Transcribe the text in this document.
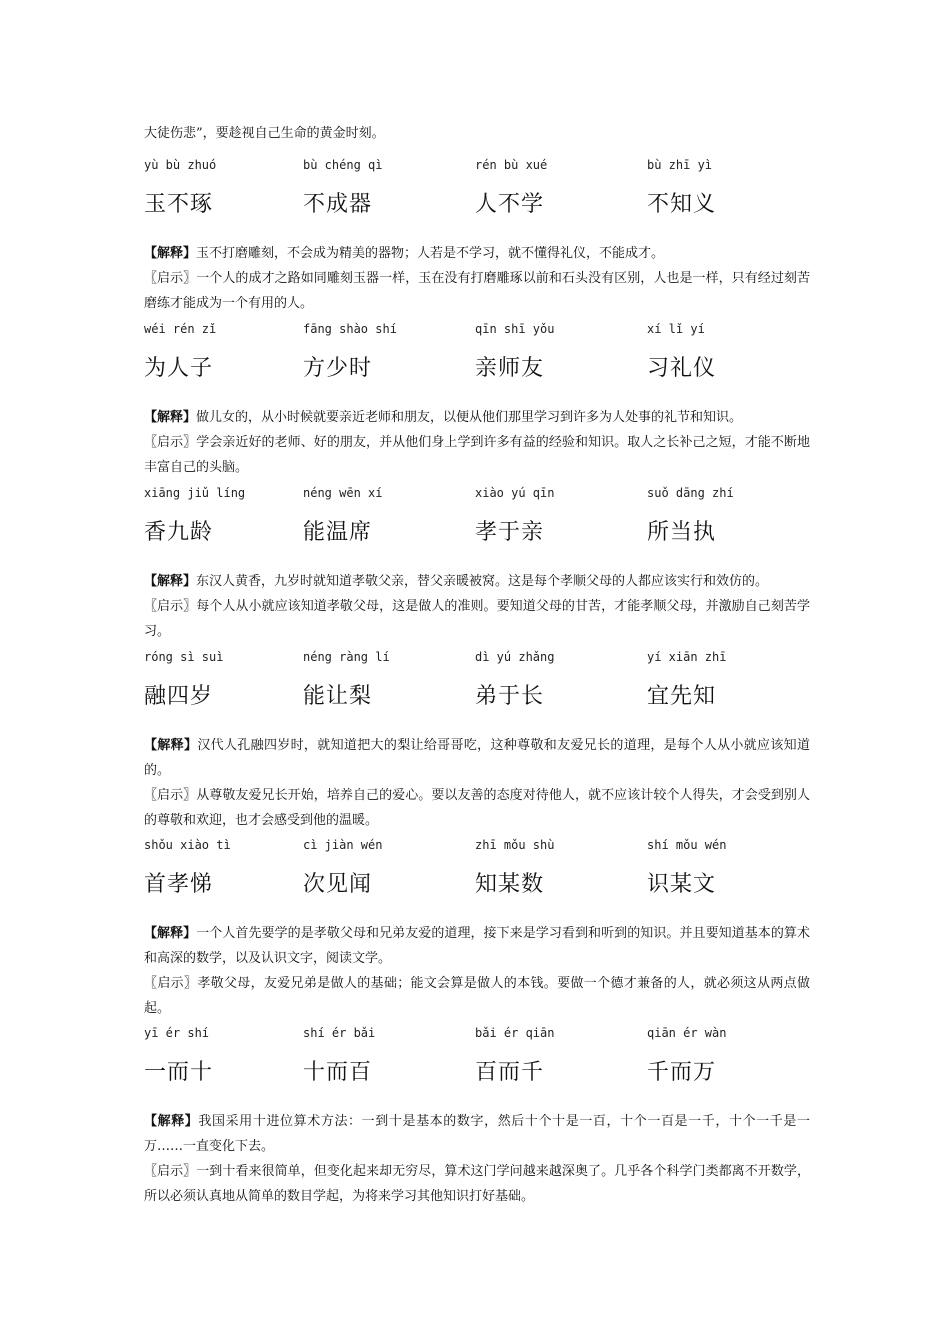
大徒伤悲”，要趁视自己生命的黄金时刻。
yù bù zhuó	bù chéng qì	rén bù xué	bù zhī yì
玉不琢	不成器	人不学	不知义

【解释】玉不打磨雕刻，不会成为精美的器物；人若是不学习，就不懂得礼仪，不能成才。

〖启示〗一个人的成才之路如同雕刻玉器一样，玉在没有打磨雕琢以前和石头没有区别，人也是一样，只有经过刻苦磨练才能成为一个有用的人。

wéi rén zǐ	fāng shào shí	qīn shī yǒu	xí lǐ yí
为人子	方少时	亲师友	习礼仪

【解释】做儿女的，从小时候就要亲近老师和朋友，以便从他们那里学习到许多为人处事的礼节和知识。

〖启示〗学会亲近好的老师、好的朋友，并从他们身上学到许多有益的经验和知识。取人之长补己之短，才能不断地丰富自己的头脑。

xiāng jiǔ líng	néng wēn xí	xiào yú qīn	suǒ dāng zhí
香九龄	能温席	孝于亲	所当执

【解释】东汉人黄香，九岁时就知道孝敬父亲，替父亲暖被窝。这是每个孝顺父母的人都应该实行和效仿的。

〖启示〗每个人从小就应该知道孝敬父母，这是做人的准则。要知道父母的甘苦，才能孝顺父母，并激励自己刻苦学习。

róng sì suì	néng ràng lí	dì yú zhǎng	yí xiān zhī
融四岁	能让梨	弟于长	宜先知

【解释】汉代人孔融四岁时，就知道把大的梨让给哥哥吃，这种尊敬和友爱兄长的道理，是每个人从小就应该知道的。

〖启示〗从尊敬友爱兄长开始，培养自己的爱心。要以友善的态度对待他人，就不应该计较个人得失，才会受到别人的尊敬和欢迎，也才会感受到他的温暖。

shǒu xiào tì	cì jiàn wén	zhī mǒu shù	shí mǒu wén
首孝悌	次见闻	知某数	识某文

【解释】一个人首先要学的是孝敬父母和兄弟友爱的道理，接下来是学习看到和听到的知识。并且要知道基本的算术和高深的数学，以及认识文字，阅读文学。

〖启示〗孝敬父母，友爱兄弟是做人的基础；能文会算是做人的本钱。要做一个德才兼备的人，就必须这从两点做起。

yī ér shí	shí ér bǎi	bǎi ér qiān	qiān ér wàn
一而十	十而百	百而千	千而万

【解释】我国采用十进位算术方法：一到十是基本的数字，然后十个十是一百，十个一百是一千，十个一千是一万……一直变化下去。

〖启示〗一到十看来很简单，但变化起来却无穷尽，算术这门学问越来越深奥了。几乎各个科学门类都离不开数学，所以必须认真地从简单的数目学起，为将来学习其他知识打好基础。
